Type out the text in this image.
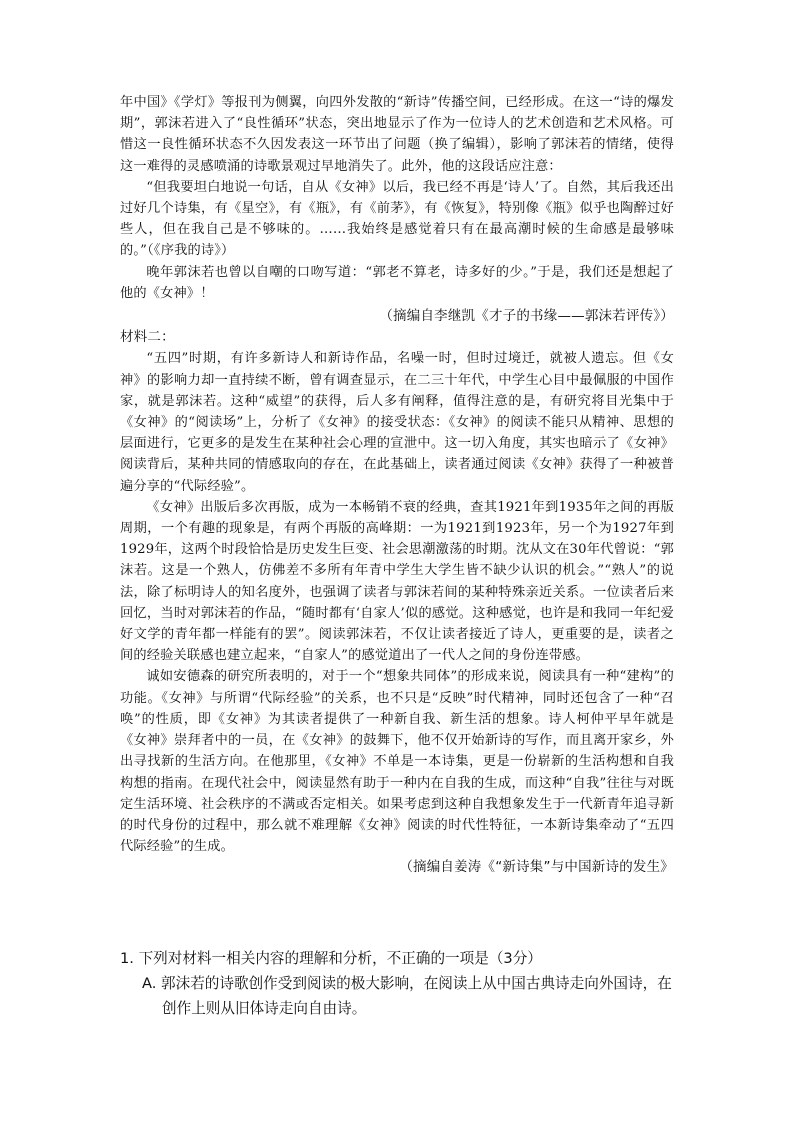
年中国》《学灯》等报刊为侧翼，向四外发散的“新诗”传播空间，已经形成。在这一“诗的爆发期”，郭沫若进入了“良性循环”状态，突出地显示了作为一位诗人的艺术创造和艺术风格。可惜这一良性循环状态不久因发表这一环节出了问题（换了编辑），影响了郭沫若的情绪，使得这一难得的灵感喷涌的诗歌景观过早地消失了。此外，他的这段话应注意：

“但我要坦白地说一句话，自从《女神》以后，我已经不再是‘诗人’了。自然，其后我还出过好几个诗集，有《星空》，有《瓶》，有《前茅》，有《恢复》，特别像《瓶》似乎也陶醉过好些人，但在我自己是不够味的。……我始终是感觉着只有在最高潮时候的生命感是最够味的。”（《序我的诗》）

晚年郭沫若也曾以自嘲的口吻写道：“郭老不算老，诗多好的少。”于是，我们还是想起了他的《女神》！

（摘编自李继凯《才子的书缘——郭沫若评传》）

材料二：

“五四”时期，有许多新诗人和新诗作品，名噪一时，但时过境迁，就被人遗忘。但《女神》的影响力却一直持续不断，曾有调查显示，在二三十年代，中学生心目中最佩服的中国作家，就是郭沫若。这种“威望”的获得，后人多有阐释，值得注意的是，有研究将目光集中于《女神》的“阅读场”上，分析了《女神》的接受状态：《女神》的阅读不能只从精神、思想的层面进行，它更多的是发生在某种社会心理的宣泄中。这一切入角度，其实也暗示了《女神》阅读背后，某种共同的情感取向的存在，在此基础上，读者通过阅读《女神》获得了一种被普遍分享的“代际经验”。

《女神》出版后多次再版，成为一本畅销不衰的经典，查其1921年到1935年之间的再版周期，一个有趣的现象是，有两个再版的高峰期：一为1921到1923年，另一个为1927年到1929年，这两个时段恰恰是历史发生巨变、社会思潮激荡的时期。沈从文在30年代曾说：“郭沫若。这是一个熟人，仿佛差不多所有年青中学生大学生皆不缺少认识的机会。”“熟人”的说法，除了标明诗人的知名度外，也强调了读者与郭沫若间的某种特殊亲近关系。一位读者后来回忆，当时对郭沫若的作品，“随时都有‘自家人’似的感觉。这种感觉，也许是和我同一年纪爱好文学的青年都一样能有的罢”。阅读郭沫若，不仅让读者接近了诗人，更重要的是，读者之间的经验关联感也建立起来，“自家人”的感觉道出了一代人之间的身份连带感。

诚如安德森的研究所表明的，对于一个“想象共同体”的形成来说，阅读具有一种“建构”的功能。《女神》与所谓“代际经验”的关系，也不只是“反映”时代精神，同时还包含了一种“召唤”的性质，即《女神》为其读者提供了一种新自我、新生活的想象。诗人柯仲平早年就是《女神》崇拜者中的一员，在《女神》的鼓舞下，他不仅开始新诗的写作，而且离开家乡，外出寻找新的生活方向。在他那里，《女神》不单是一本诗集，更是一份崭新的生活构想和自我构想的指南。在现代社会中，阅读显然有助于一种内在自我的生成，而这种“自我”往往与对既定生活环境、社会秩序的不满或否定相关。如果考虑到这种自我想象发生于一代新青年追寻新的时代身份的过程中，那么就不难理解《女神》阅读的时代性特征，一本新诗集牵动了“五四代际经验”的生成。

（摘编自姜涛《“新诗集”与中国新诗的发生》

1. 下列对材料一相关内容的理解和分析，不正确的一项是（3分）

A. 郭沫若的诗歌创作受到阅读的极大影响，在阅读上从中国古典诗走向外国诗，在创作上则从旧体诗走向自由诗。
